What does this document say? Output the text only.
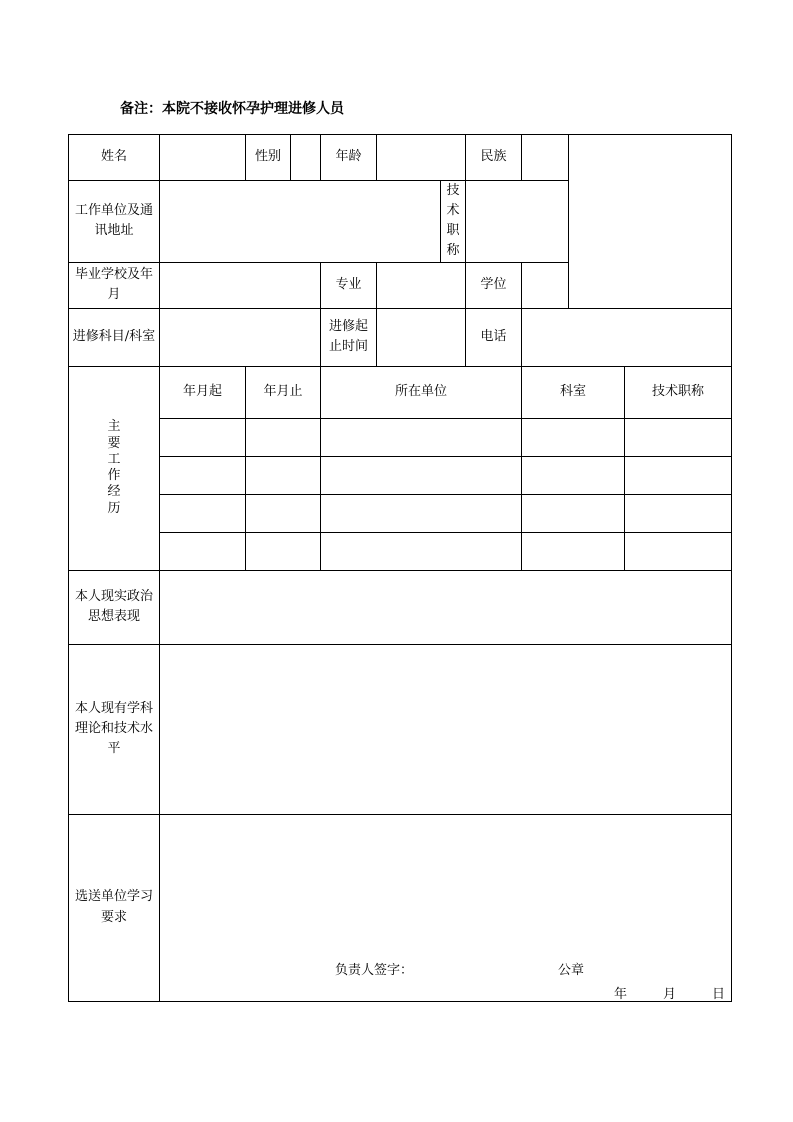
备注：本院不接收怀孕护理进修人员
姓名		性别		年龄			民族			
工作单位及通讯地址						技术职称				
毕业学校及年月				专业			学位			
进修科目/科室				进修起止时间			电话			

主要工作经历	年月起	年月止		所在单位				科室		技术职称

本人现实政治思想表现										
本人现有学科理论和技术水平										
选送单位学习要求	负责人签字： 公章
年 月 日									
